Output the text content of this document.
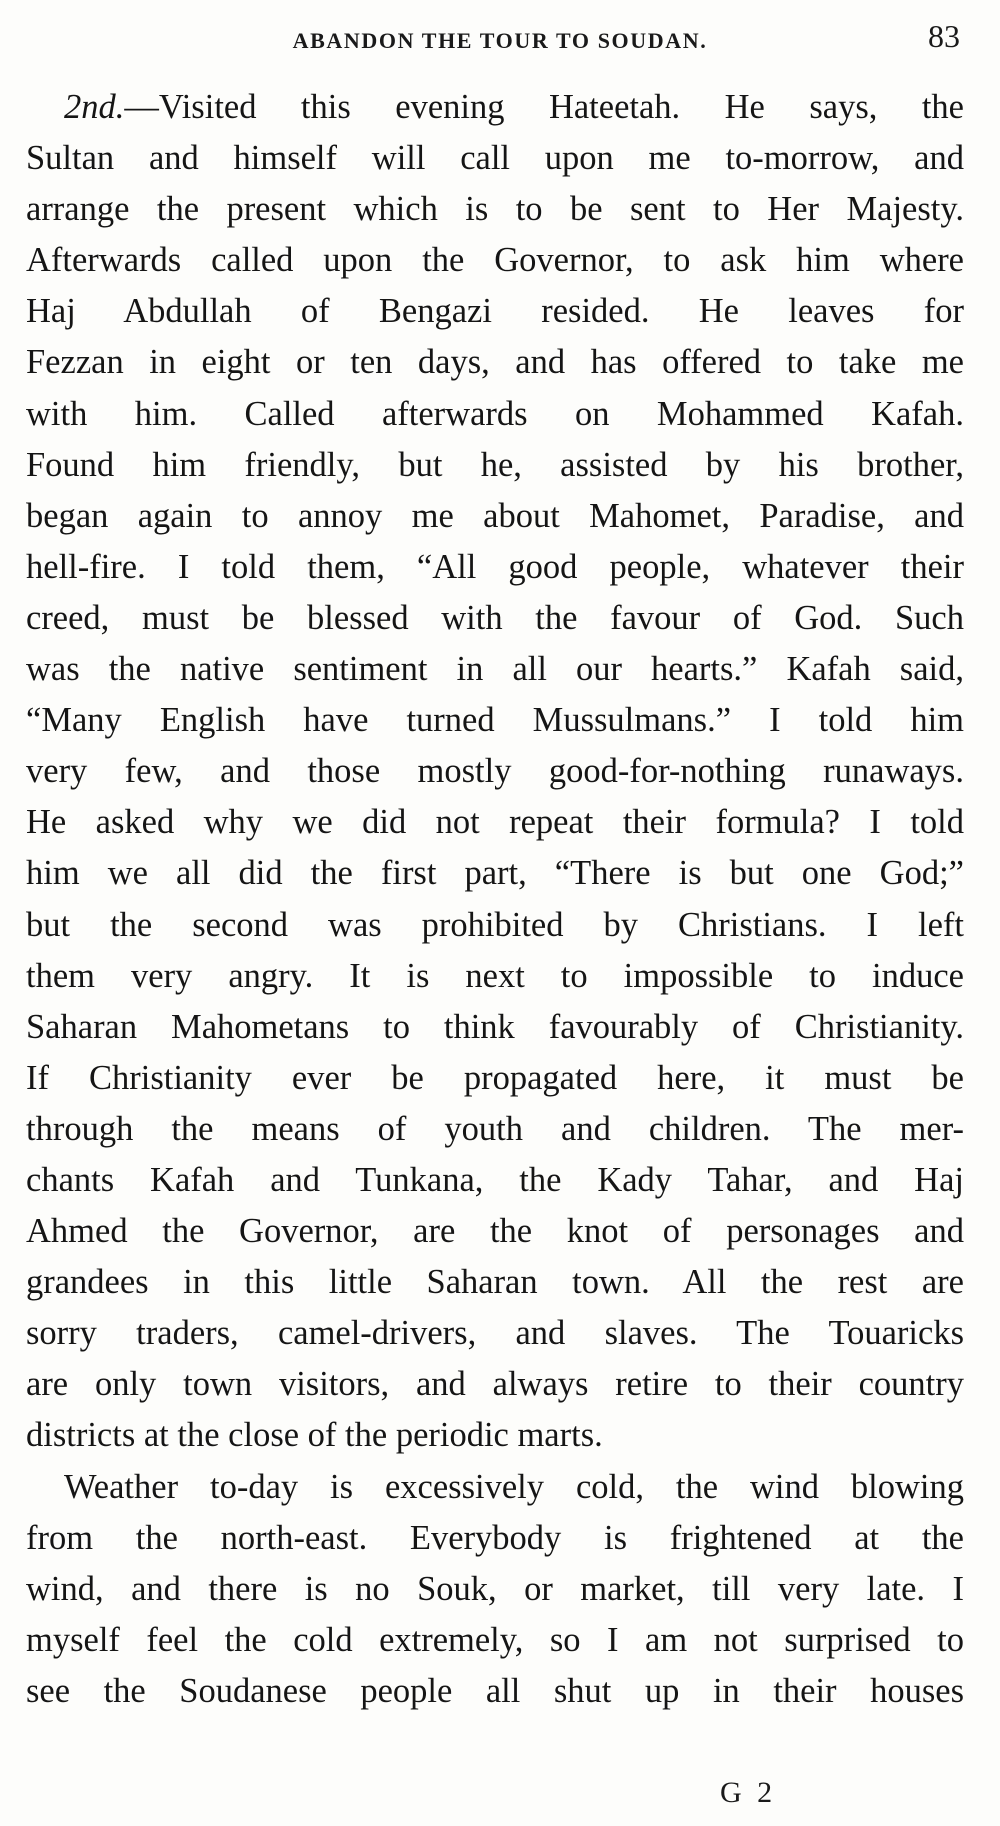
ABANDON THE TOUR TO SOUDAN.	83
2nd.—Visited this evening Hateetah. He says, the
Sultan and himself will call upon me to-morrow, and
arrange the present which is to be sent to Her Majesty.
Afterwards called upon the Governor, to ask him where
Haj Abdullah of Bengazi resided. He leaves for
Fezzan in eight or ten days, and has offered to take me
with him. Called afterwards on Mohammed Kafah.
Found him friendly, but he, assisted by his brother,
began again to annoy me about Mahomet, Paradise, and
hell-fire. I told them, “All good people, whatever their
creed, must be blessed with the favour of God. Such
was the native sentiment in all our hearts.” Kafah said,
“Many English have turned Mussulmans.” I told him
very few, and those mostly good-for-nothing runaways.
He asked why we did not repeat their formula? I told
him we all did the first part, “There is but one God;”
but the second was prohibited by Christians. I left
them very angry. It is next to impossible to induce
Saharan Mahometans to think favourably of Christianity.
If Christianity ever be propagated here, it must be
through the means of youth and children. The mer-
chants Kafah and Tunkana, the Kady Tahar, and Haj
Ahmed the Governor, are the knot of personages and
grandees in this little Saharan town. All the rest are
sorry traders, camel-drivers, and slaves. The Touaricks
are only town visitors, and always retire to their country
districts at the close of the periodic marts.
Weather to-day is excessively cold, the wind blowing
from the north-east. Everybody is frightened at the
wind, and there is no Souk, or market, till very late. I
myself feel the cold extremely, so I am not surprised to
see the Soudanese people all shut up in their houses
G 2
